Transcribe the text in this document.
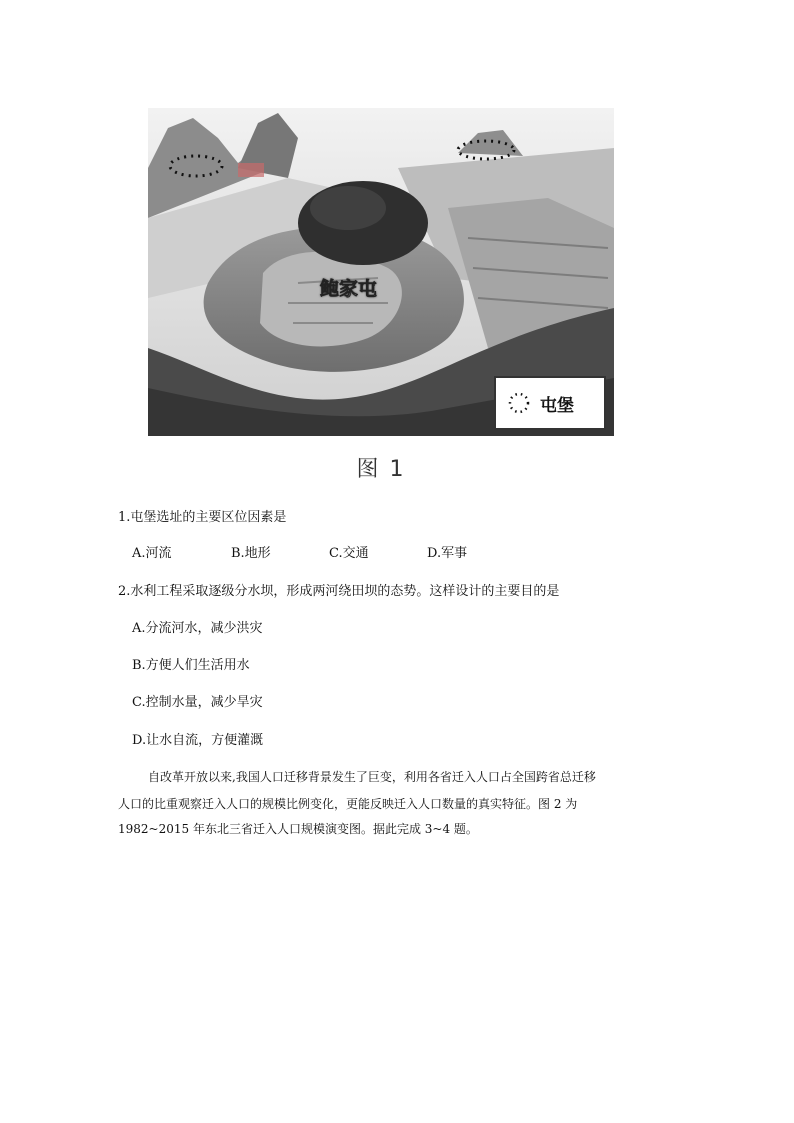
鲍家屯
屯堡
图 1
1.屯堡选址的主要区位因素是
A.河流	B.地形	C.交通	D.军事
2.水利工程采取逐级分水坝，形成两河绕田坝的态势。这样设计的主要目的是
A.分流河水，减少洪灾
B.方便人们生活用水
C.控制水量，减少旱灾
D.让水自流，方便灌溉
自改革开放以来,我国人口迁移背景发生了巨变，利用各省迁入人口占全国跨省总迁移
人口的比重观察迁入人口的规模比例变化，更能反映迁入人口数量的真实特征。图 2 为
1982~2015 年东北三省迁入人口规模演变图。据此完成 3~4 题。
